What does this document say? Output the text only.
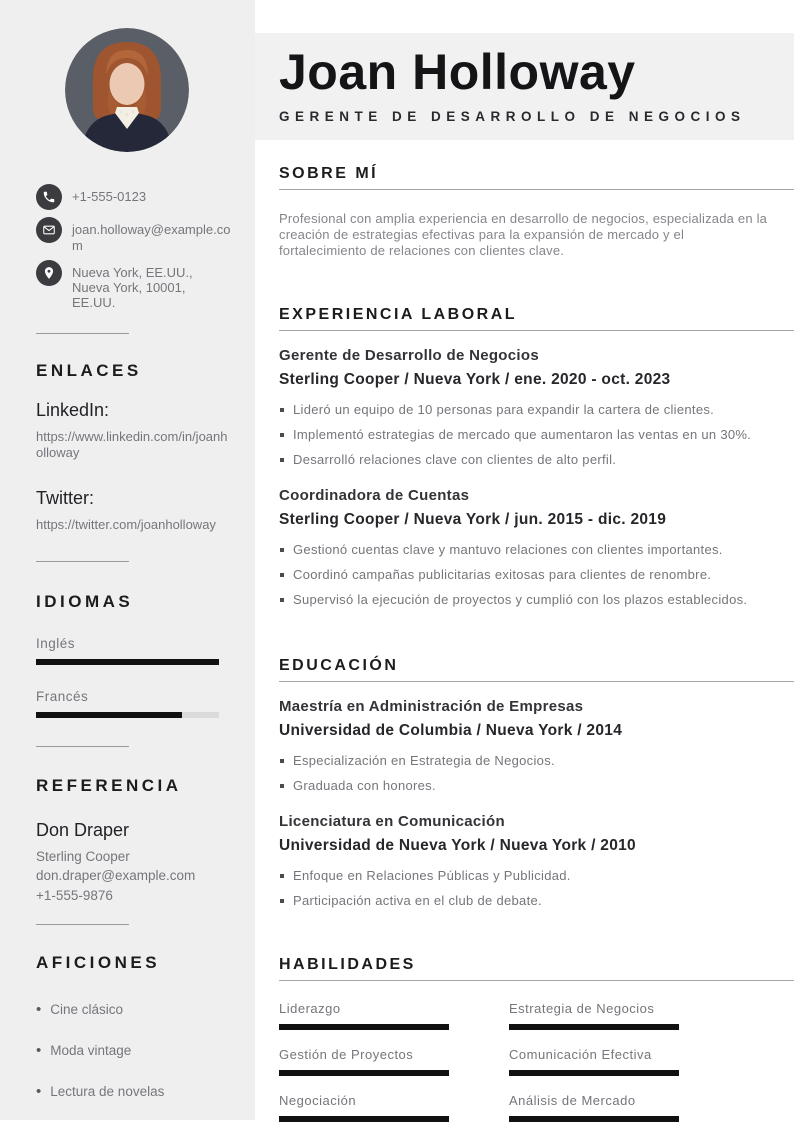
+1-555-0123
joan.holloway@example.com
Nueva York, EE.UU., Nueva York, 10001, EE.UU.
ENLACES
LinkedIn:
https://www.linkedin.com/in/joanholloway
Twitter:
https://twitter.com/joanholloway
IDIOMAS
Inglés
Francés
REFERENCIA
Don Draper
Sterling Cooper
don.draper@example.com
+1-555-9876
AFICIONES
• Cine clásico
• Moda vintage
• Lectura de novelas
Joan Holloway
GERENTE DE DESARROLLO DE NEGOCIOS
SOBRE MÍ

Profesional con amplia experiencia en desarrollo de negocios, especializada en la creación de estrategias efectivas para la expansión de mercado y el fortalecimiento de relaciones con clientes clave.

EXPERIENCIA LABORAL
Gerente de Desarrollo de Negocios
Sterling Cooper / Nueva York / ene. 2020 - oct. 2023
Lideró un equipo de 10 personas para expandir la cartera de clientes.
Implementó estrategias de mercado que aumentaron las ventas en un 30%.
Desarrolló relaciones clave con clientes de alto perfil.
Coordinadora de Cuentas
Sterling Cooper / Nueva York / jun. 2015 - dic. 2019
Gestionó cuentas clave y mantuvo relaciones con clientes importantes.
Coordinó campañas publicitarias exitosas para clientes de renombre.
Supervisó la ejecución de proyectos y cumplió con los plazos establecidos.
EDUCACIÓN
Maestría en Administración de Empresas
Universidad de Columbia / Nueva York / 2014
Especialización en Estrategia de Negocios.
Graduada con honores.
Licenciatura en Comunicación
Universidad de Nueva York / Nueva York / 2010
Enfoque en Relaciones Públicas y Publicidad.
Participación activa en el club de debate.
HABILIDADES
Liderazgo	Estrategia de Negocios
Gestión de Proyectos	Comunicación Efectiva
Negociación	Análisis de Mercado
